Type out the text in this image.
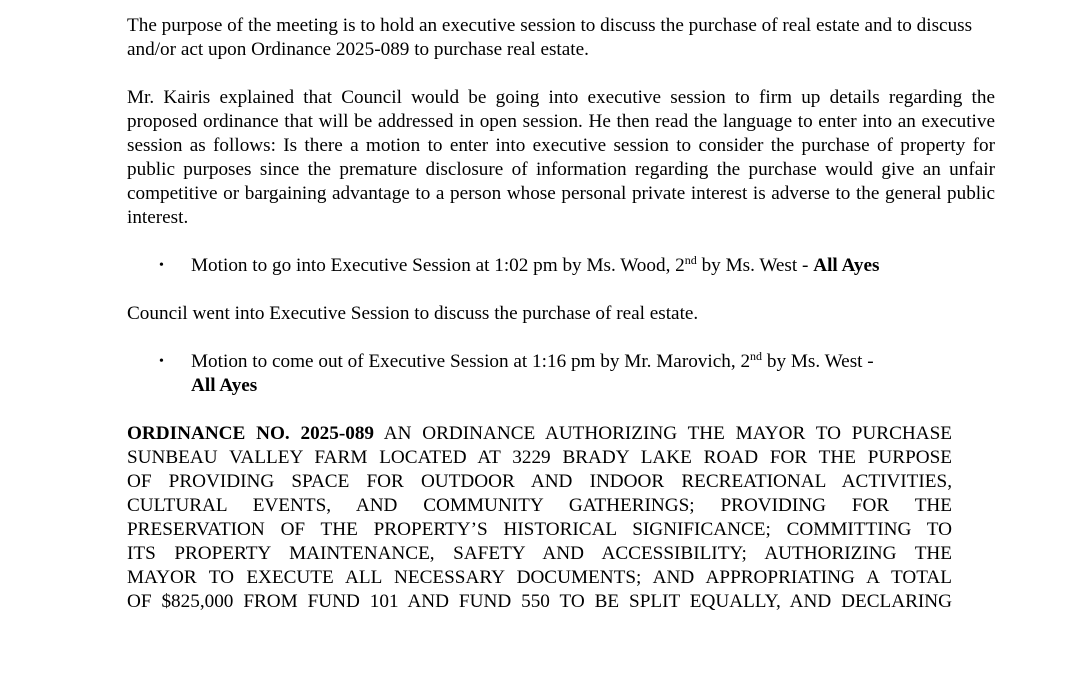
The purpose of the meeting is to hold an executive session to discuss the purchase of real estate and to discuss and/or act upon Ordinance 2025-089 to purchase real estate.

Mr. Kairis explained that Council would be going into executive session to firm up details regarding the proposed ordinance that will be addressed in open session. He then read the language to enter into an executive session as follows: Is there a motion to enter into executive session to consider the purchase of property for public purposes since the premature disclosure of information regarding the purchase would give an unfair competitive or bargaining advantage to a person whose personal private interest is adverse to the general public interest.

• Motion to go into Executive Session at 1:02 pm by Ms. Wood, 2nd by Ms. West - All Ayes

Council went into Executive Session to discuss the purchase of real estate.

• Motion to come out of Executive Session at 1:16 pm by Mr. Marovich, 2nd by Ms. West -
All Ayes
ORDINANCE NO. 2025-089 AN ORDINANCE AUTHORIZING THE MAYOR TO PURCHASE
SUNBEAU VALLEY FARM LOCATED AT 3229 BRADY LAKE ROAD FOR THE PURPOSE
OF PROVIDING SPACE FOR OUTDOOR AND INDOOR RECREATIONAL ACTIVITIES,
CULTURAL EVENTS, AND COMMUNITY GATHERINGS; PROVIDING FOR THE
PRESERVATION OF THE PROPERTY’S HISTORICAL SIGNIFICANCE; COMMITTING TO
ITS PROPERTY MAINTENANCE, SAFETY AND ACCESSIBILITY; AUTHORIZING THE
MAYOR TO EXECUTE ALL NECESSARY DOCUMENTS; AND APPROPRIATING A TOTAL
OF $825,000 FROM FUND 101 AND FUND 550 TO BE SPLIT EQUALLY, AND DECLARING
